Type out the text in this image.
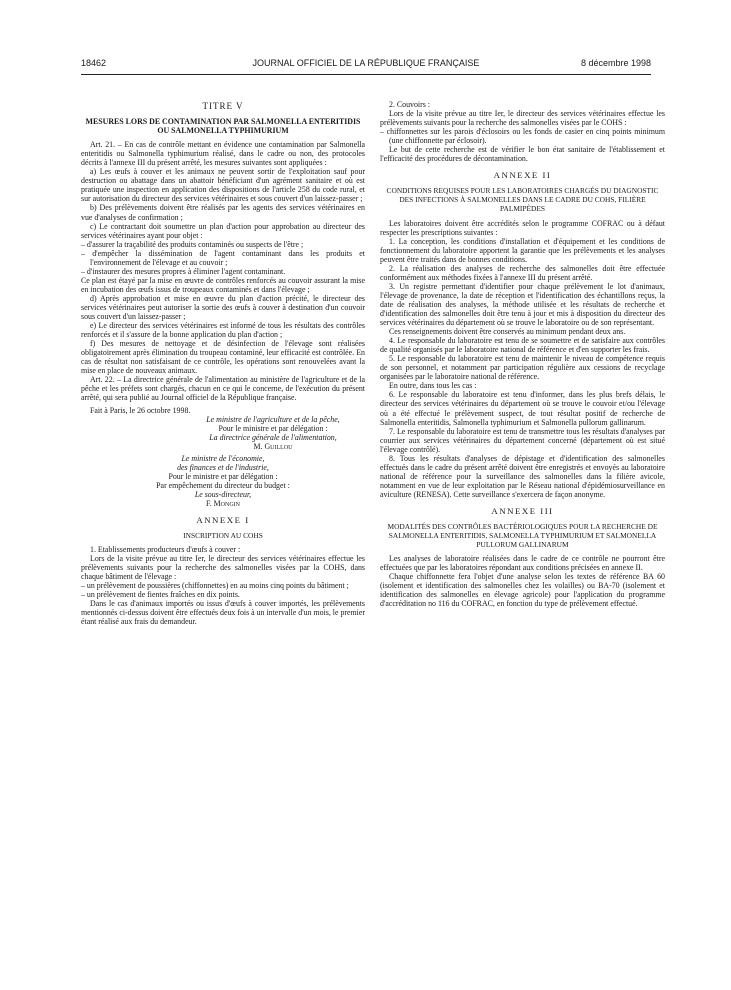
18462	JOURNAL OFFICIEL DE LA RÉPUBLIQUE FRANÇAISE	8 décembre 1998
TITRE V
MESURES LORS DE CONTAMINATION PAR SALMONELLA ENTERITIDIS OU SALMONELLA TYPHIMURIUM

Art. 21. – En cas de contrôle mettant en évidence une contamination par Salmonella enteritidis ou Salmonella typhimurium réalisé, dans le cadre ou non, des protocoles décrits à l'annexe III du présent arrêté, les mesures suivantes sont appliquées :

a) Les œufs à couver et les animaux ne peuvent sortir de l'exploitation sauf pour destruction ou abattage dans un abattoir bénéficiant d'un agrément sanitaire et où est pratiquée une inspection en application des dispositions de l'article 258 du code rural, et sur autorisation du directeur des services vétérinaires et sous couvert d'un laissez-passer ;

b) Des prélèvements doivent être réalisés par les agents des services vétérinaires en vue d'analyses de confirmation ;

c) Le contractant doit soumettre un plan d'action pour approbation au directeur des services vétérinaires ayant pour objet :

– d'assurer la traçabilité des produits contaminés ou suspects de l'être ;

– d'empêcher la dissémination de l'agent contaminant dans les produits et l'environnement de l'élevage et au couvoir ;

– d'instaurer des mesures propres à éliminer l'agent contaminant.

Ce plan est étayé par la mise en œuvre de contrôles renforcés au couvoir assurant la mise en incubation des œufs issus de troupeaux contaminés et dans l'élevage ;

d) Après approbation et mise en œuvre du plan d'action précité, le directeur des services vétérinaires peut autoriser la sortie des œufs à couver à destination d'un couvoir sous couvert d'un laissez-passer ;

e) Le directeur des services vétérinaires est informé de tous les résultats des contrôles renforcés et il s'assure de la bonne application du plan d'action ;

f) Des mesures de nettoyage et de désinfection de l'élevage sont réalisées obligatoirement après élimination du troupeau contaminé, leur efficacité est contrôlée. En cas de résultat non satisfaisant de ce contrôle, les opérations sont renouvelées avant la mise en place de nouveaux animaux.

Art. 22. – La directrice générale de l'alimentation au ministère de l'agriculture et de la pêche et les préfets sont chargés, chacun en ce qui le concerne, de l'exécution du présent arrêté, qui sera publié au Journal officiel de la République française.

Fait à Paris, le 26 octobre 1998.

Le ministre de l'agriculture et de la pêche,
Pour le ministre et par délégation :
La directrice générale de l'alimentation,
M. Guillou
Le ministre de l'économie,
des finances et de l'industrie,
Pour le ministre et par délégation :
Par empêchement du directeur du budget :
Le sous-directeur,
F. Mongin
ANNEXE I
INSCRIPTION AU COHS

1. Etablissements producteurs d'œufs à couver :

Lors de la visite prévue au titre Ier, le directeur des services vétérinaires effectue les prélèvements suivants pour la recherche des salmonelles visées par la COHS, dans chaque bâtiment de l'élevage :

– un prélèvement de poussières (chiffonnettes) en au moins cinq points du bâtiment ;

– un prélèvement de fientes fraîches en dix points.

Dans le cas d'animaux importés ou issus d'œufs à couver importés, les prélèvements mentionnés ci-dessus doivent être effectués deux fois à un intervalle d'un mois, le premier étant réalisé aux frais du demandeur.

2. Couvoirs :

Lors de la visite prévue au titre Ier, le directeur des services vétérinaires effectue les prélèvements suivants pour la recherche des salmonelles visées par le COHS :

– chiffonnettes sur les parois d'éclosoirs ou les fonds de casier en cinq points minimum (une chiffonnette par éclosoir).

Le but de cette recherche est de vérifier le bon état sanitaire de l'établissement et l'efficacité des procédures de décontamination.

ANNEXE II
CONDITIONS REQUISES POUR LES LABORATOIRES CHARGÉS DU DIAGNOSTIC DES INFECTIONS À SALMONELLES DANS LE CADRE DU COHS, FILIÈRE PALMIPÈDES

Les laboratoires doivent être accrédités selon le programme COFRAC ou à défaut respecter les prescriptions suivantes :

1. La conception, les conditions d'installation et d'équipement et les conditions de fonctionnement du laboratoire apportent la garantie que les prélèvements et les analyses peuvent être traités dans de bonnes conditions.

2. La réalisation des analyses de recherche des salmonelles doit être effectuée conformément aux méthodes fixées à l'annexe III du présent arrêté.

3. Un registre permettant d'identifier pour chaque prélèvement le lot d'animaux, l'élevage de provenance, la date de réception et l'identification des échantillons reçus, la date de réalisation des analyses, la méthode utilisée et les résultats de recherche et d'identification des salmonelles doit être tenu à jour et mis à disposition du directeur des services vétérinaires du département où se trouve le laboratoire ou de son représentant.

Ces renseignements doivent être conservés au minimum pendant deux ans.

4. Le responsable du laboratoire est tenu de se soumettre et de satisfaire aux contrôles de qualité organisés par le laboratoire national de référence et d'en supporter les frais.

5. Le responsable du laboratoire est tenu de maintenir le niveau de compétence requis de son personnel, et notamment par participation régulière aux cessions de recyclage organisées par le laboratoire national de référence.

En outre, dans tous les cas :

6. Le responsable du laboratoire est tenu d'informer, dans les plus brefs délais, le directeur des services vétérinaires du département où se trouve le couvoir et/ou l'élevage où a été effectué le prélèvement suspect, de tout résultat positif de recherche de Salmonella enteritidis, Salmonella typhimurium et Salmonella pullorum gallinarum.

7. Le responsable du laboratoire est tenu de transmettre tous les résultats d'analyses par courrier aux services vétérinaires du département concerné (département où est situé l'élevage contrôlé).

8. Tous les résultats d'analyses de dépistage et d'identification des salmonelles effectués dans le cadre du présent arrêté doivent être enregistrés et envoyés au laboratoire national de référence pour la surveillance des salmonelles dans la filière avicole, notamment en vue de leur exploitation par le Réseau national d'épidémiosurveillance en aviculture (RENESA). Cette surveillance s'exercera de façon anonyme.

ANNEXE III
MODALITÉS DES CONTRÔLES BACTÉRIOLOGIQUES POUR LA RECHERCHE DE SALMONELLA ENTERITIDIS, SALMONELLA TYPHIMURIUM ET SALMONELLA PULLORUM GALLINARUM

Les analyses de laboratoire réalisées dans le cadre de ce contrôle ne pourront être effectuées que par les laboratoires répondant aux conditions précisées en annexe II.

Chaque chiffonnette fera l'objet d'une analyse selon les textes de référence BA 60 (isolement et identification des salmonelles chez les volailles) ou BA-70 (isolement et identification des salmonelles en élevage agricole) pour l'application du programme d'accréditation no 116 du COFRAC, en fonction du type de prélèvement effectué.
